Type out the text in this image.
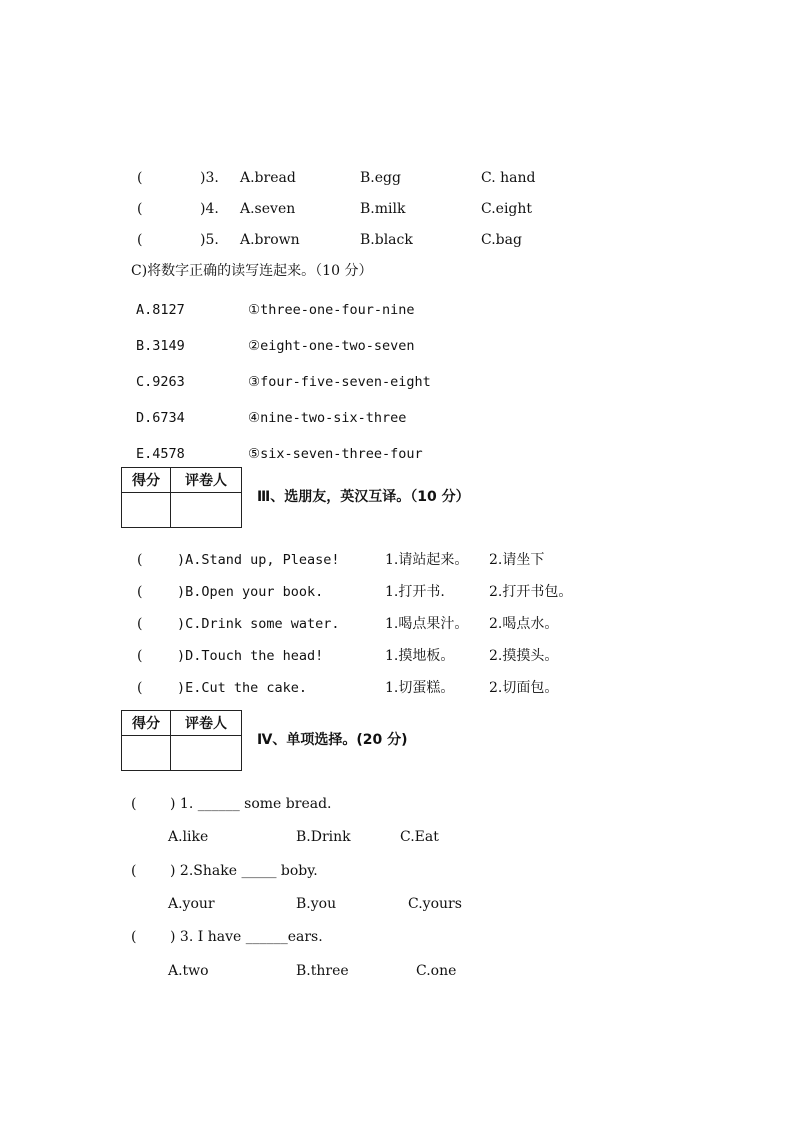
(	)3. A.bread	B.egg	C. hand
(	)4. A.seven	B.milk	C.eight
(	)5. A.brown	B.black	C.bag
C)将数字正确的读写连起来。（10 分）
A.8127	①three-one-four-nine
B.3149	②eight-one-two-seven
C.9263	③four-five-seven-eight
D.6734	④nine-two-six-three
E.4578	⑤six-seven-three-four
得分	评卷人

Ⅲ、选朋友，英汉互译。（10 分）
(	)A.Stand up, Please!	1.请站起来。 2.请坐下
(	)B.Open your book.	1.打开书.	2.打开书包。
(	)C.Drink some water.	1.喝点果汁。 2.喝点水。
(	)D.Touch the head!	1.摸地板。 2.摸摸头。
(	)E.Cut the cake.	1.切蛋糕。 2.切面包。
得分	评卷人

Ⅳ、单项选择。(20 分)
( ) 1. ______ some bread.
A.like	B.Drink	C.Eat
( ) 2.Shake _____ boby.
A.your	B.you	C.yours
( ) 3. I have ______ears.
A.two	B.three	C.one
